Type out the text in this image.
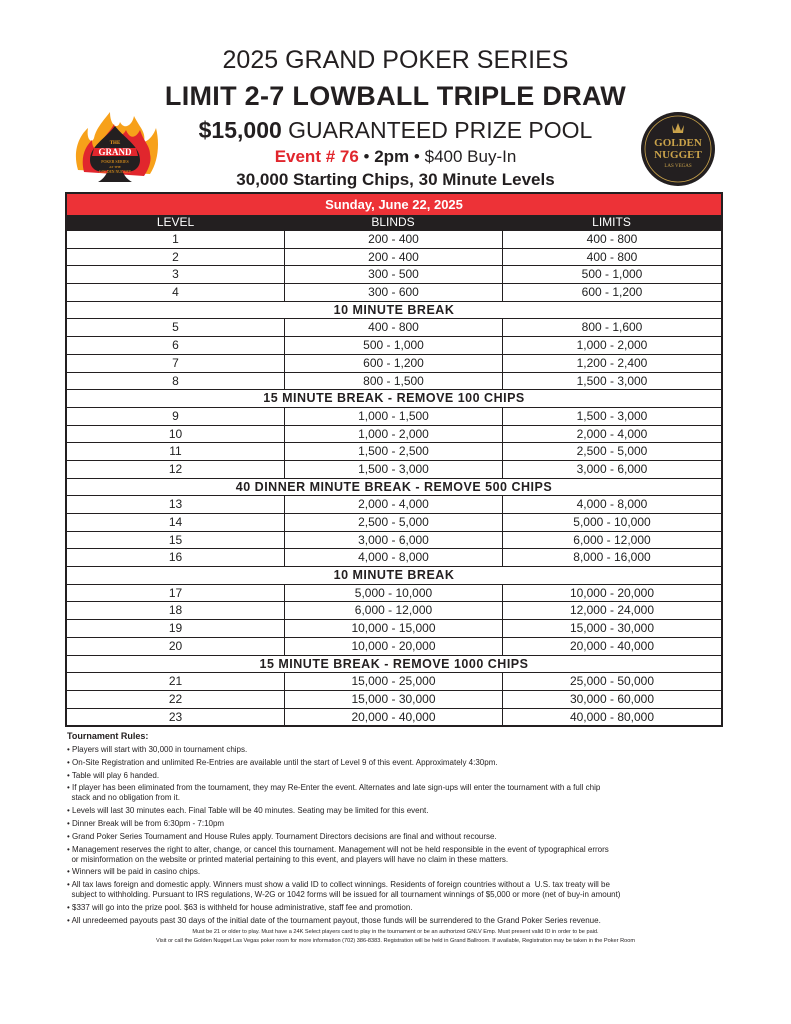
2025 GRAND POKER SERIES
LIMIT 2-7 LOWBALL TRIPLE DRAW
$15,000 GUARANTEED PRIZE POOL
Event # 76 • 2pm • $400 Buy-In
30,000 Starting Chips, 30 Minute Levels
THE
GRAND
POKER SERIES
AT THE
GOLDEN NUGGET
GOLDEN
NUGGET
LAS VEGAS
Sunday, June 22, 2025
LEVEL	BLINDS	LIMITS
1	200 - 400	400 - 800
2	200 - 400	400 - 800
3	300 - 500	500 - 1,000
4	300 - 600	600 - 1,200
10 MINUTE BREAK
5	400 - 800	800 - 1,600
6	500 - 1,000	1,000 - 2,000
7	600 - 1,200	1,200 - 2,400
8	800 - 1,500	1,500 - 3,000
15 MINUTE BREAK - REMOVE 100 CHIPS
9	1,000 - 1,500	1,500 - 3,000
10	1,000 - 2,000	2,000 - 4,000
11	1,500 - 2,500	2,500 - 5,000
12	1,500 - 3,000	3,000 - 6,000
40 DINNER MINUTE BREAK - REMOVE 500 CHIPS
13	2,000 - 4,000	4,000 - 8,000
14	2,500 - 5,000	5,000 - 10,000
15	3,000 - 6,000	6,000 - 12,000
16	4,000 - 8,000	8,000 - 16,000
10 MINUTE BREAK
17	5,000 - 10,000	10,000 - 20,000
18	6,000 - 12,000	12,000 - 24,000
19	10,000 - 15,000	15,000 - 30,000
20	10,000 - 20,000	20,000 - 40,000
15 MINUTE BREAK - REMOVE 1000 CHIPS
21	15,000 - 25,000	25,000 - 50,000
22	15,000 - 30,000	30,000 - 60,000
23	20,000 - 40,000	40,000 - 80,000
Tournament Rules:
• Players will start with 30,000 in tournament chips.
• On-Site Registration and unlimited Re-Entries are available until the start of Level 9 of this event. Approximately 4:30pm.
• Table will play 6 handed.
• If player has been eliminated from the tournament, they may Re-Enter the event. Alternates and late sign-ups will enter the tournament with a full chip
stack and no obligation from it.
• Levels will last 30 minutes each. Final Table will be 40 minutes. Seating may be limited for this event.
• Dinner Break will be from 6:30pm - 7:10pm
• Grand Poker Series Tournament and House Rules apply. Tournament Directors decisions are final and without recourse.
• Management reserves the right to alter, change, or cancel this tournament. Management will not be held responsible in the event of typographical errors
or misinformation on the website or printed material pertaining to this event, and players will have no claim in these matters.
• Winners will be paid in casino chips.
• All tax laws foreign and domestic apply. Winners must show a valid ID to collect winnings. Residents of foreign countries without a  U.S. tax treaty will be
subject to withholding. Pursuant to IRS regulations, W-2G or 1042 forms will be issued for all tournament winnings of $5,000 or more (net of buy-in amount)
• $337 will go into the prize pool. $63 is withheld for house administrative, staff fee and promotion.
• All unredeemed payouts past 30 days of the initial date of the tournament payout, those funds will be surrendered to the Grand Poker Series revenue.
Must be 21 or older to play. Must have a 24K Select players card to play in the tournament or be an authorized GNLV Emp. Must present valid ID in order to be paid.
Visit or call the Golden Nugget Las Vegas poker room for more information (702) 386-8383. Registration will be held in Grand Ballroom. If available, Registration may be taken in the Poker Room
